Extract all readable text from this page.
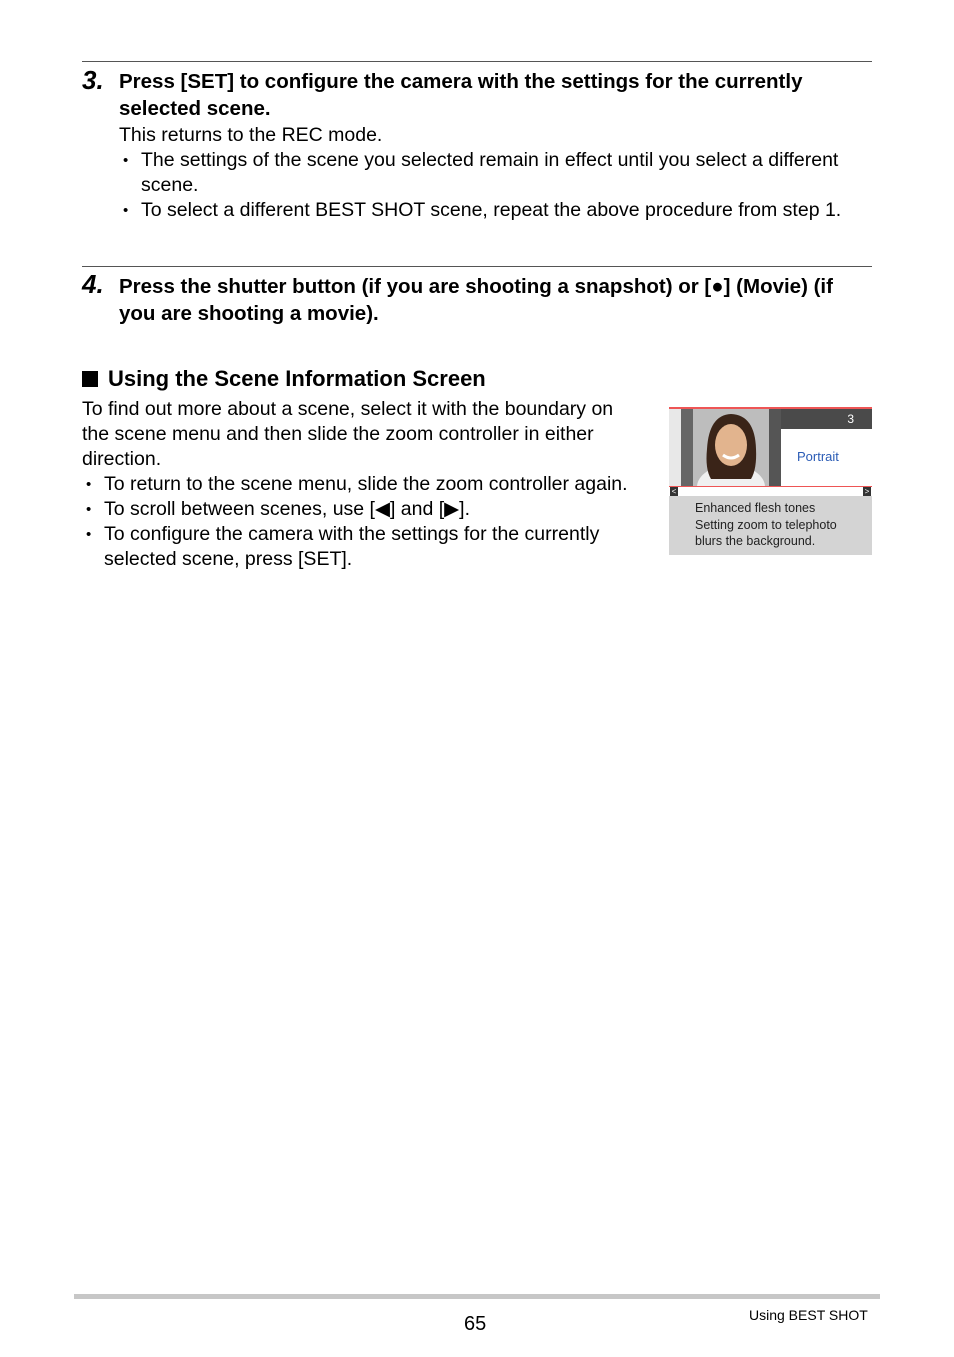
3. Press [SET] to configure the camera with the settings for the currently selected scene.
This returns to the REC mode.
• The settings of the scene you selected remain in effect until you select a different scene.
• To select a different BEST SHOT scene, repeat the above procedure from step 1.
4. Press the shutter button (if you are shooting a snapshot) or [●] (Movie) (if you are shooting a movie).
Using the Scene Information Screen
To find out more about a scene, select it with the boundary on the scene menu and then slide the zoom controller in either direction.
• To return to the scene menu, slide the zoom controller again.
• To scroll between scenes, use [◀] and [▶].
• To configure the camera with the settings for the currently selected scene, press [SET].
3
Portrait
<	>
Enhanced flesh tones
Setting zoom to telephoto
blurs the background.
65	Using BEST SHOT
